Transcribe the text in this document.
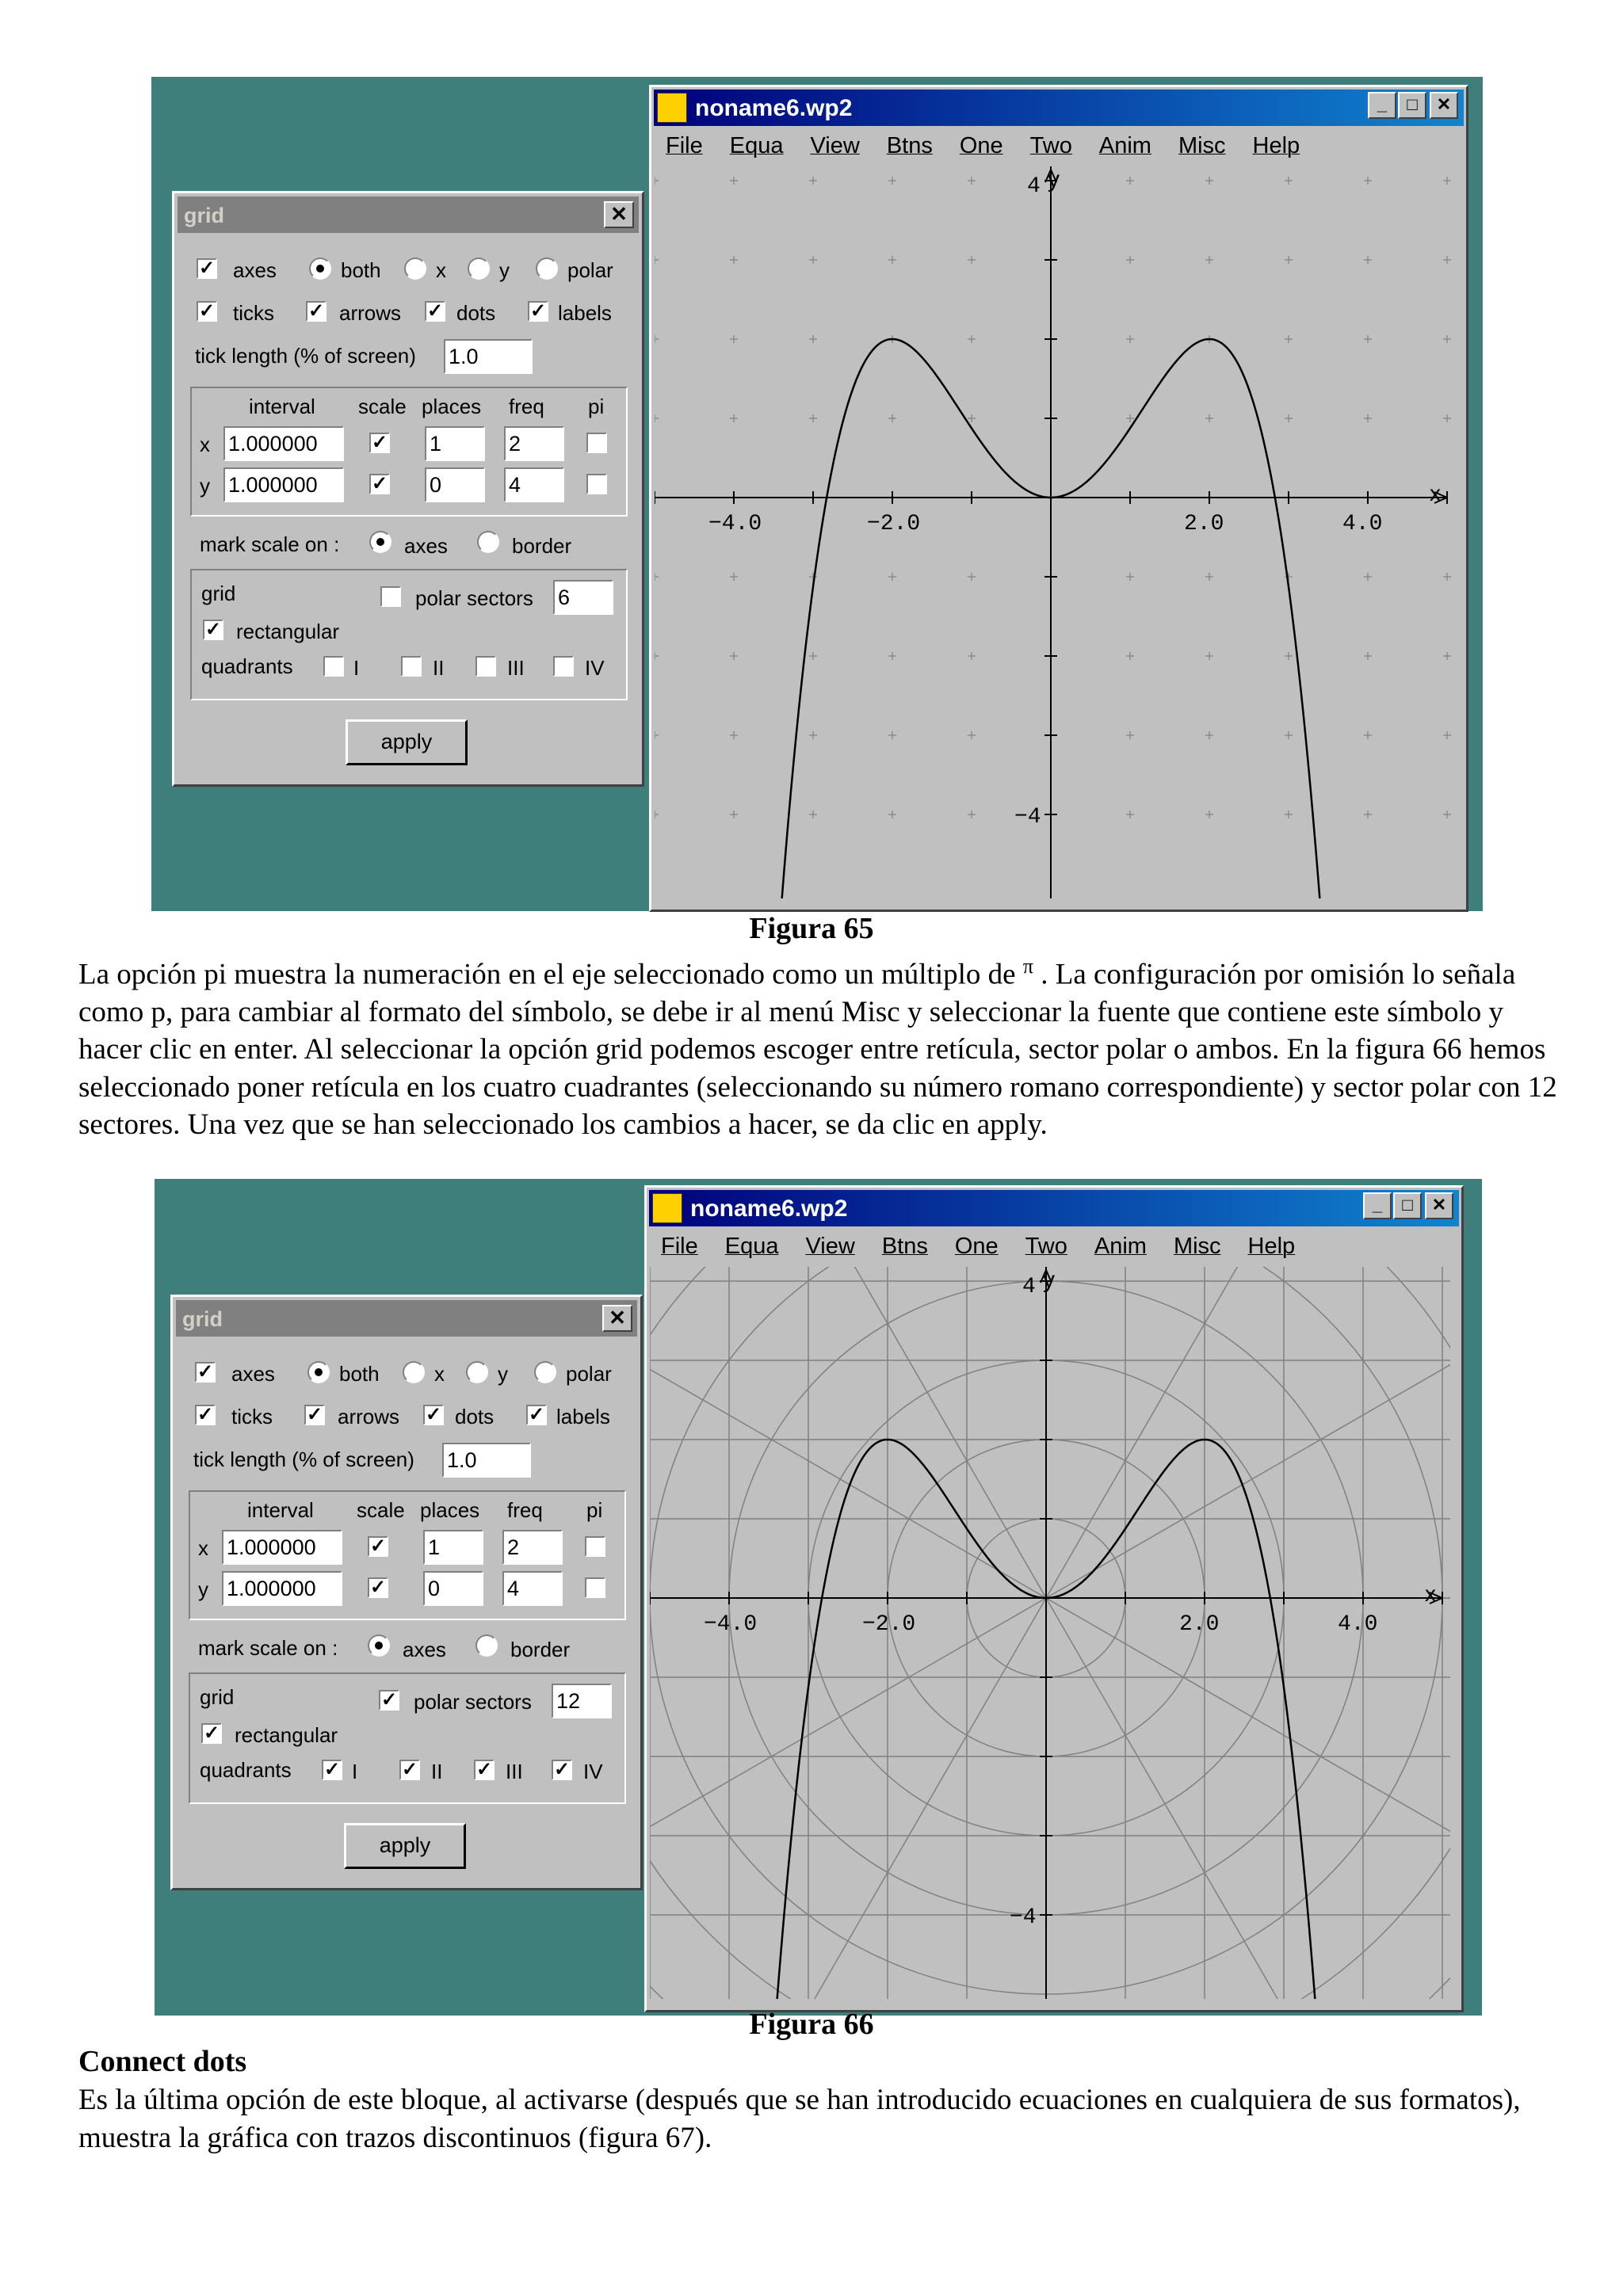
grid	✕
✓ axes	both	x	y	polar
✓ ticks ✓ arrows ✓ dots ✓ labels
tick length (% of screen) 1.0
interval scale places freq pi
x 1.000000	✓ 1	2
y 1.000000	✓ 0	4
mark scale on :	axes	border
grid	polar sectors 6
✓ rectangular
quadrants	I	II	III	IV
apply
noname6.wp2	_	□	✕
File Equa View Btns One Two Anim Misc Help
x
y
−4.0	−2.0	2.0	4.0
4
−4
Figura 65
La opción pi muestra la numeración en el eje seleccionado como un múltiplo de $^\pi$ . La configuración por omisión lo señala como p, para cambiar al formato del símbolo, se debe ir al menú Misc y seleccionar la fuente que contiene este símbolo y hacer clic en enter. Al seleccionar la opción grid podemos escoger entre retícula, sector polar o ambos. En la figura 66 hemos seleccionado poner retícula en los cuatro cuadrantes (seleccionando su número romano correspondiente) y sector polar con 12 sectores. Una vez que se han seleccionado los cambios a hacer, se da clic en apply.
grid	✕
✓ axes	both	x	y	polar
✓ ticks ✓ arrows ✓ dots ✓ labels
tick length (% of screen) 1.0
interval scale places freq pi
x 1.000000	✓ 1	2
y 1.000000	✓ 0	4
mark scale on :	axes	border
grid	✓ polar sectors 12
✓ rectangular
quadrants ✓ I ✓ II ✓ III ✓ IV
apply
noname6.wp2	_	□	✕
File Equa View Btns One Two Anim Misc Help
x
y
−4.0	−2.0	2.0	4.0
4
−4
Figura 66
Connect dots
Es la última opción de este bloque, al activarse (después que se han introducido ecuaciones en cualquiera de sus formatos), muestra la gráfica con trazos discontinuos (figura 67).
